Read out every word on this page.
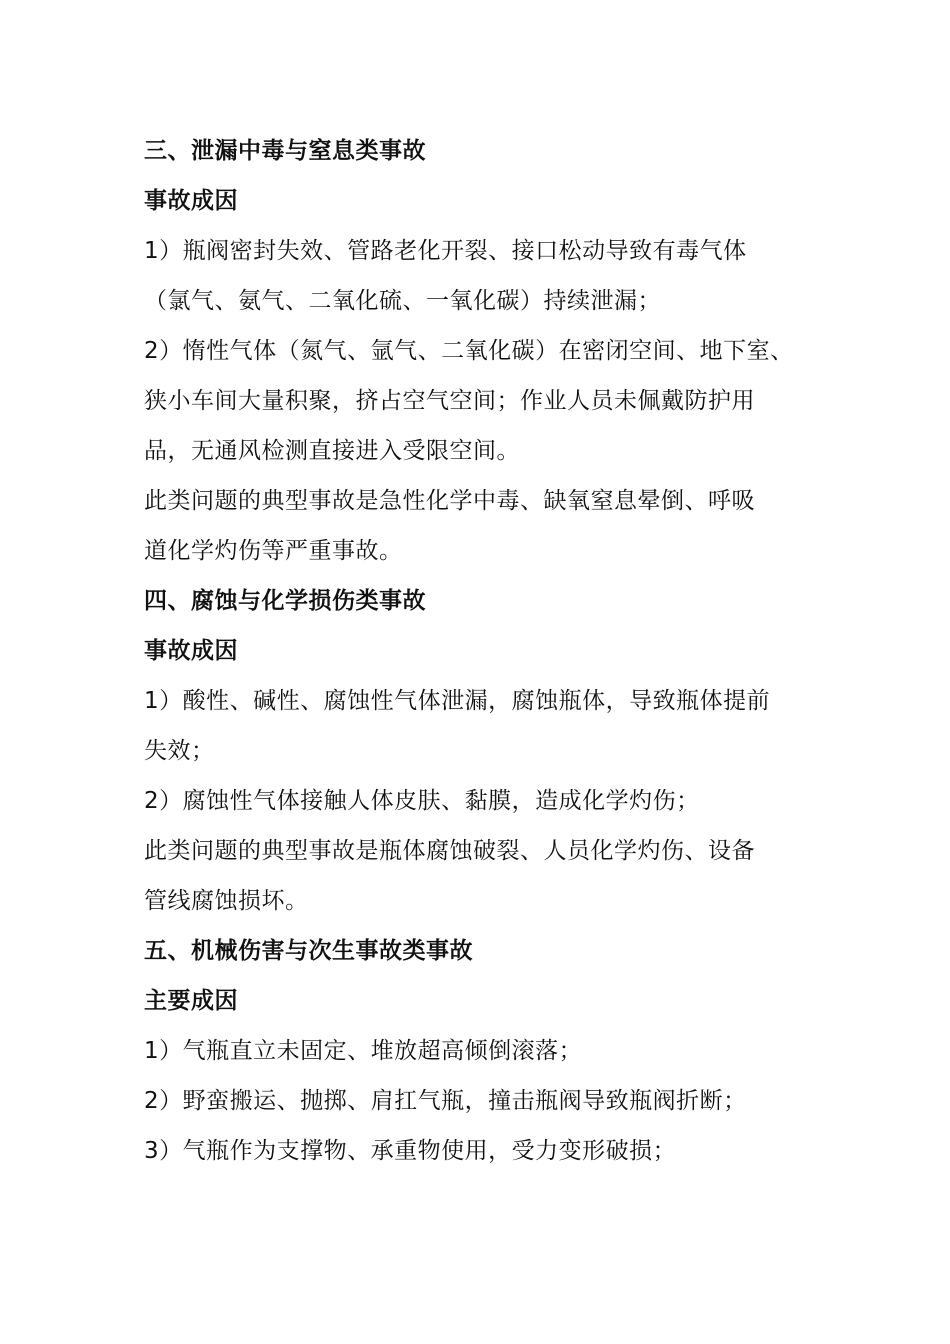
三、泄漏中毒与窒息类事故
事故成因
1）瓶阀密封失效、管路老化开裂、接口松动导致有毒气体
（氯气、氨气、二氧化硫、一氧化碳）持续泄漏；
2）惰性气体（氮气、氩气、二氧化碳）在密闭空间、地下室、
狭小车间大量积聚，挤占空气空间；作业人员未佩戴防护用
品，无通风检测直接进入受限空间。
此类问题的典型事故是急性化学中毒、缺氧窒息晕倒、呼吸
道化学灼伤等严重事故。
四、腐蚀与化学损伤类事故
事故成因
1）酸性、碱性、腐蚀性气体泄漏，腐蚀瓶体，导致瓶体提前
失效；
2）腐蚀性气体接触人体皮肤、黏膜，造成化学灼伤；
此类问题的典型事故是瓶体腐蚀破裂、人员化学灼伤、设备
管线腐蚀损坏。
五、机械伤害与次生事故类事故
主要成因
1）气瓶直立未固定、堆放超高倾倒滚落；
2）野蛮搬运、抛掷、肩扛气瓶，撞击瓶阀导致瓶阀折断；
3）气瓶作为支撑物、承重物使用，受力变形破损；
